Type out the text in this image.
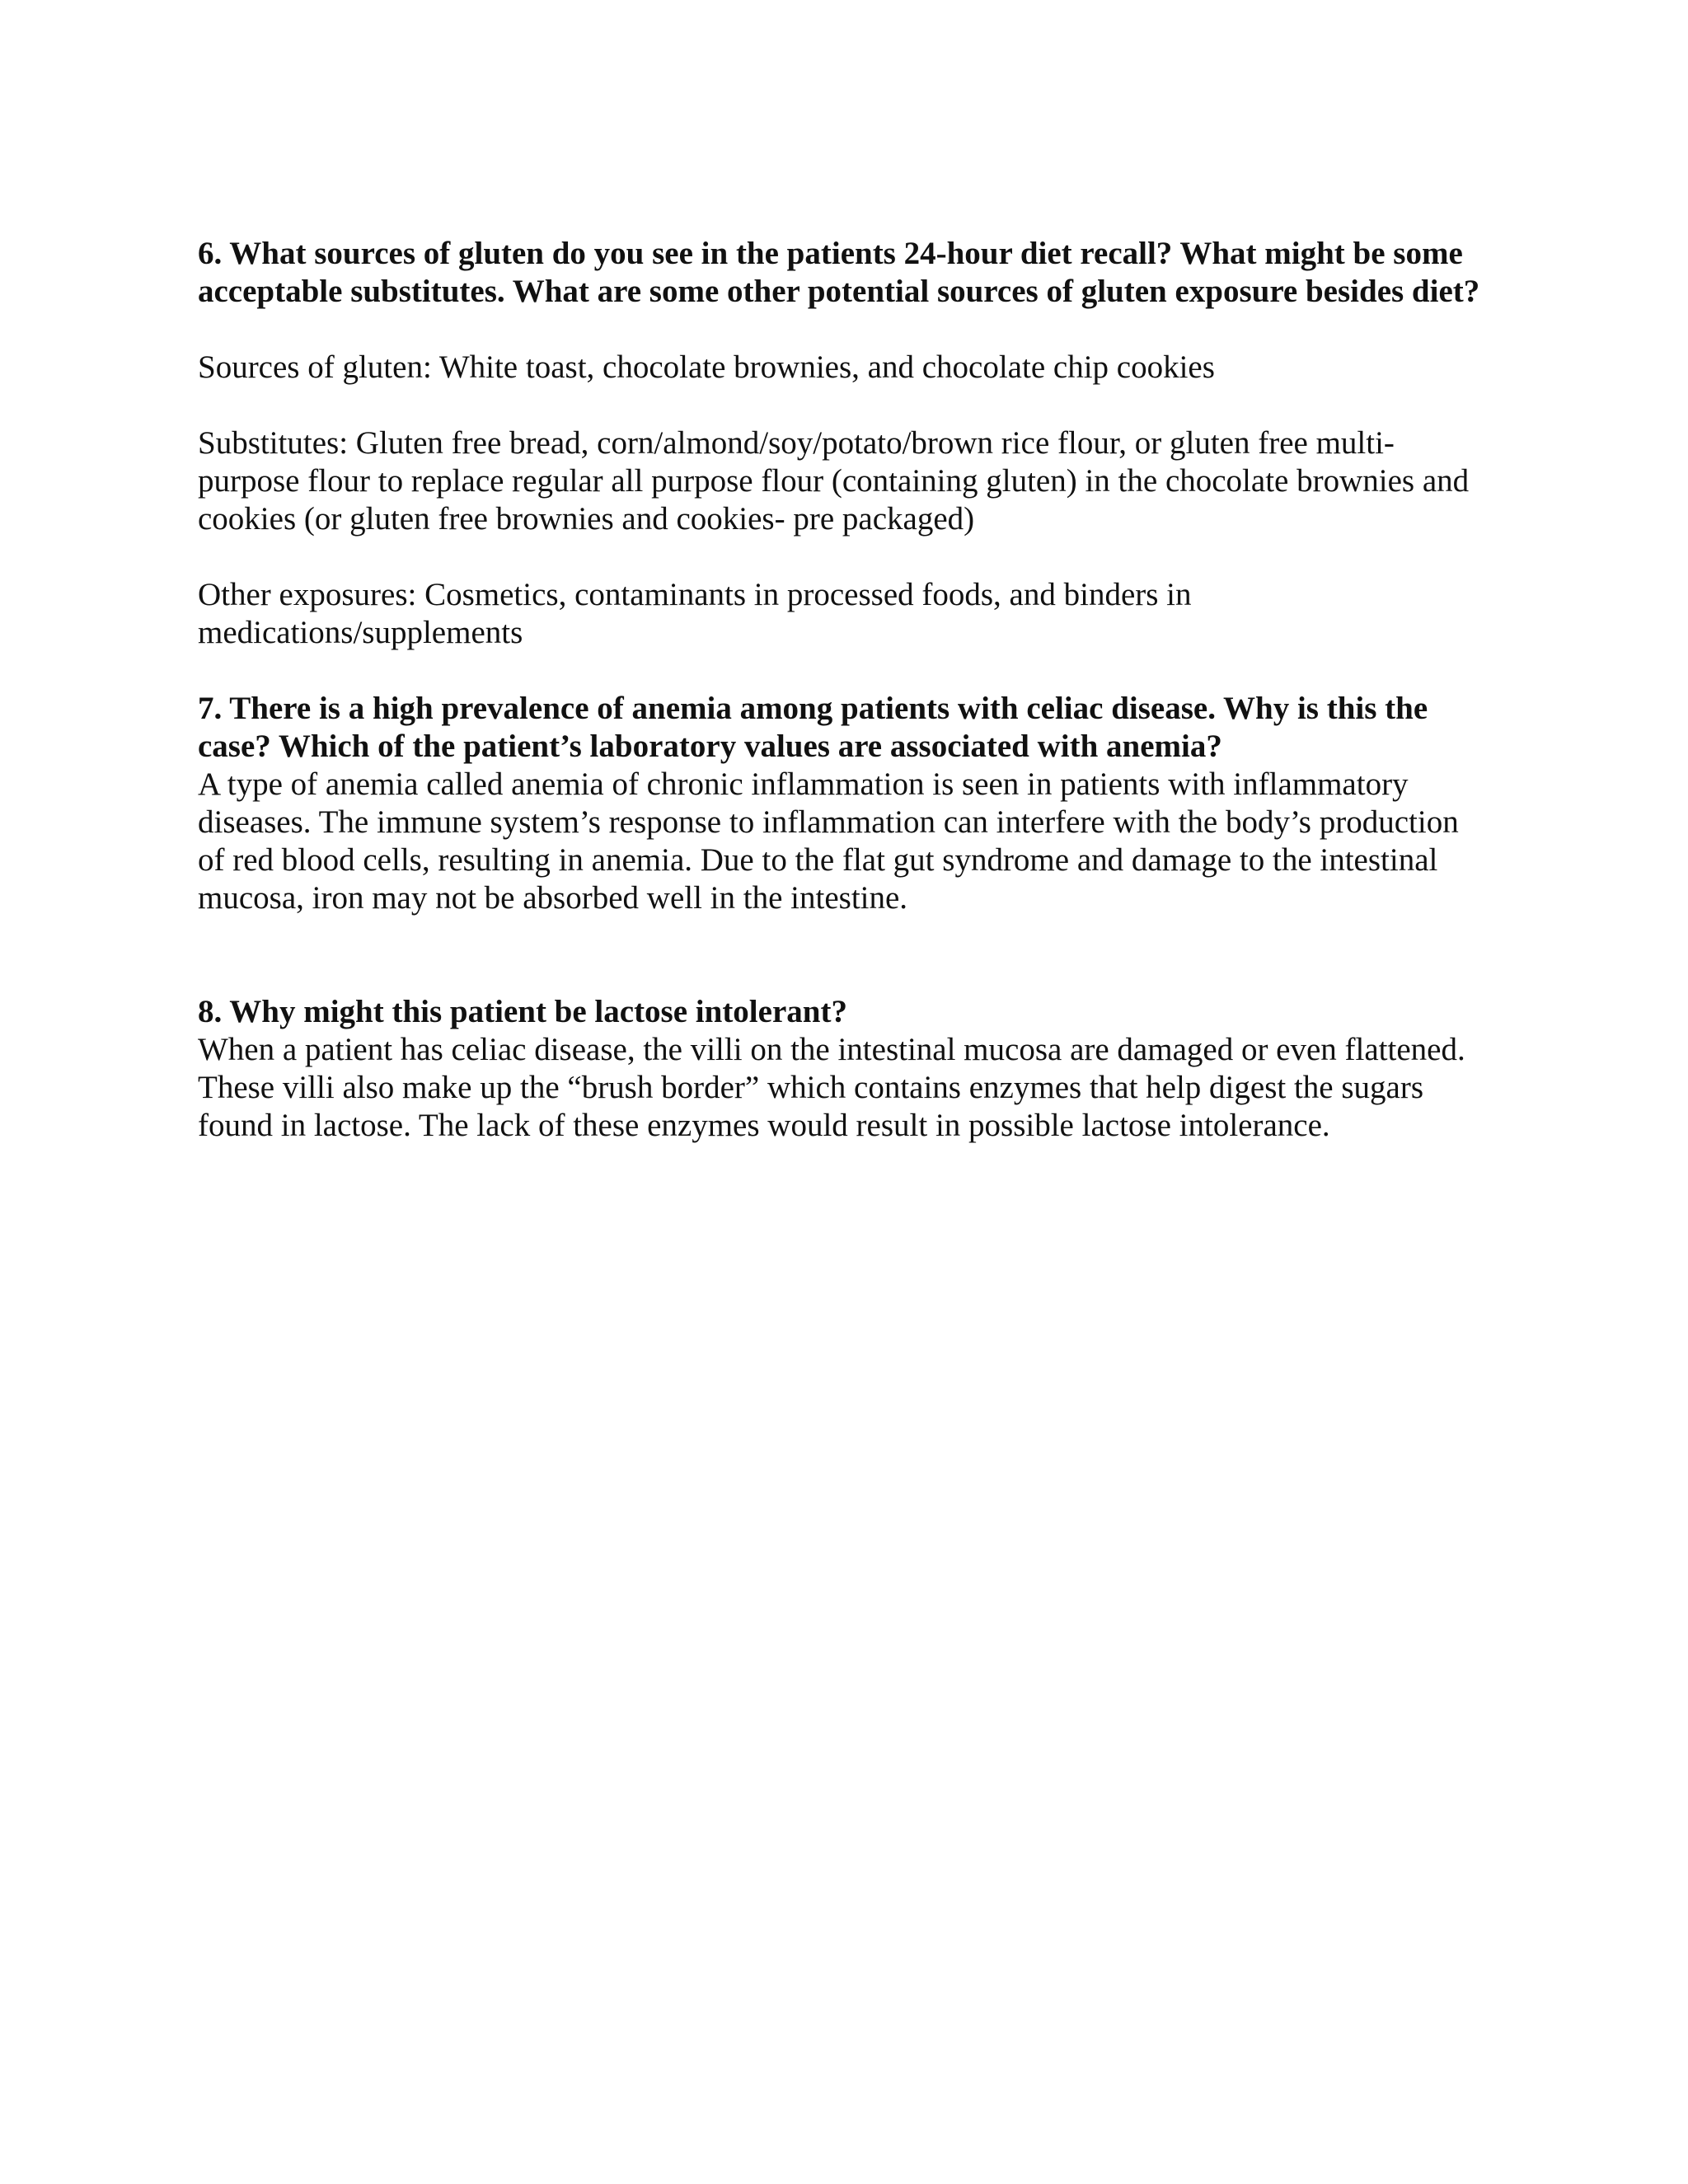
6. What sources of gluten do you see in the patients 24-hour diet recall? What might be some acceptable substitutes. What are some other potential sources of gluten exposure besides diet?

Sources of gluten: White toast, chocolate brownies, and chocolate chip cookies

Substitutes: Gluten free bread, corn/almond/soy/potato/brown rice flour, or gluten free multi-purpose flour to replace regular all purpose flour (containing gluten) in the chocolate brownies and cookies (or gluten free brownies and cookies- pre packaged)

Other exposures: Cosmetics, contaminants in processed foods, and binders in medications/supplements

7. There is a high prevalence of anemia among patients with celiac disease. Why is this the case? Which of the patient’s laboratory values are associated with anemia?

A type of anemia called anemia of chronic inflammation is seen in patients with inflammatory diseases. The immune system’s response to inflammation can interfere with the body’s production of red blood cells, resulting in anemia. Due to the flat gut syndrome and damage to the intestinal mucosa, iron may not be absorbed well in the intestine.

8. Why might this patient be lactose intolerant?

When a patient has celiac disease, the villi on the intestinal mucosa are damaged or even flattened. These villi also make up the “brush border” which contains enzymes that help digest the sugars found in lactose. The lack of these enzymes would result in possible lactose intolerance.
